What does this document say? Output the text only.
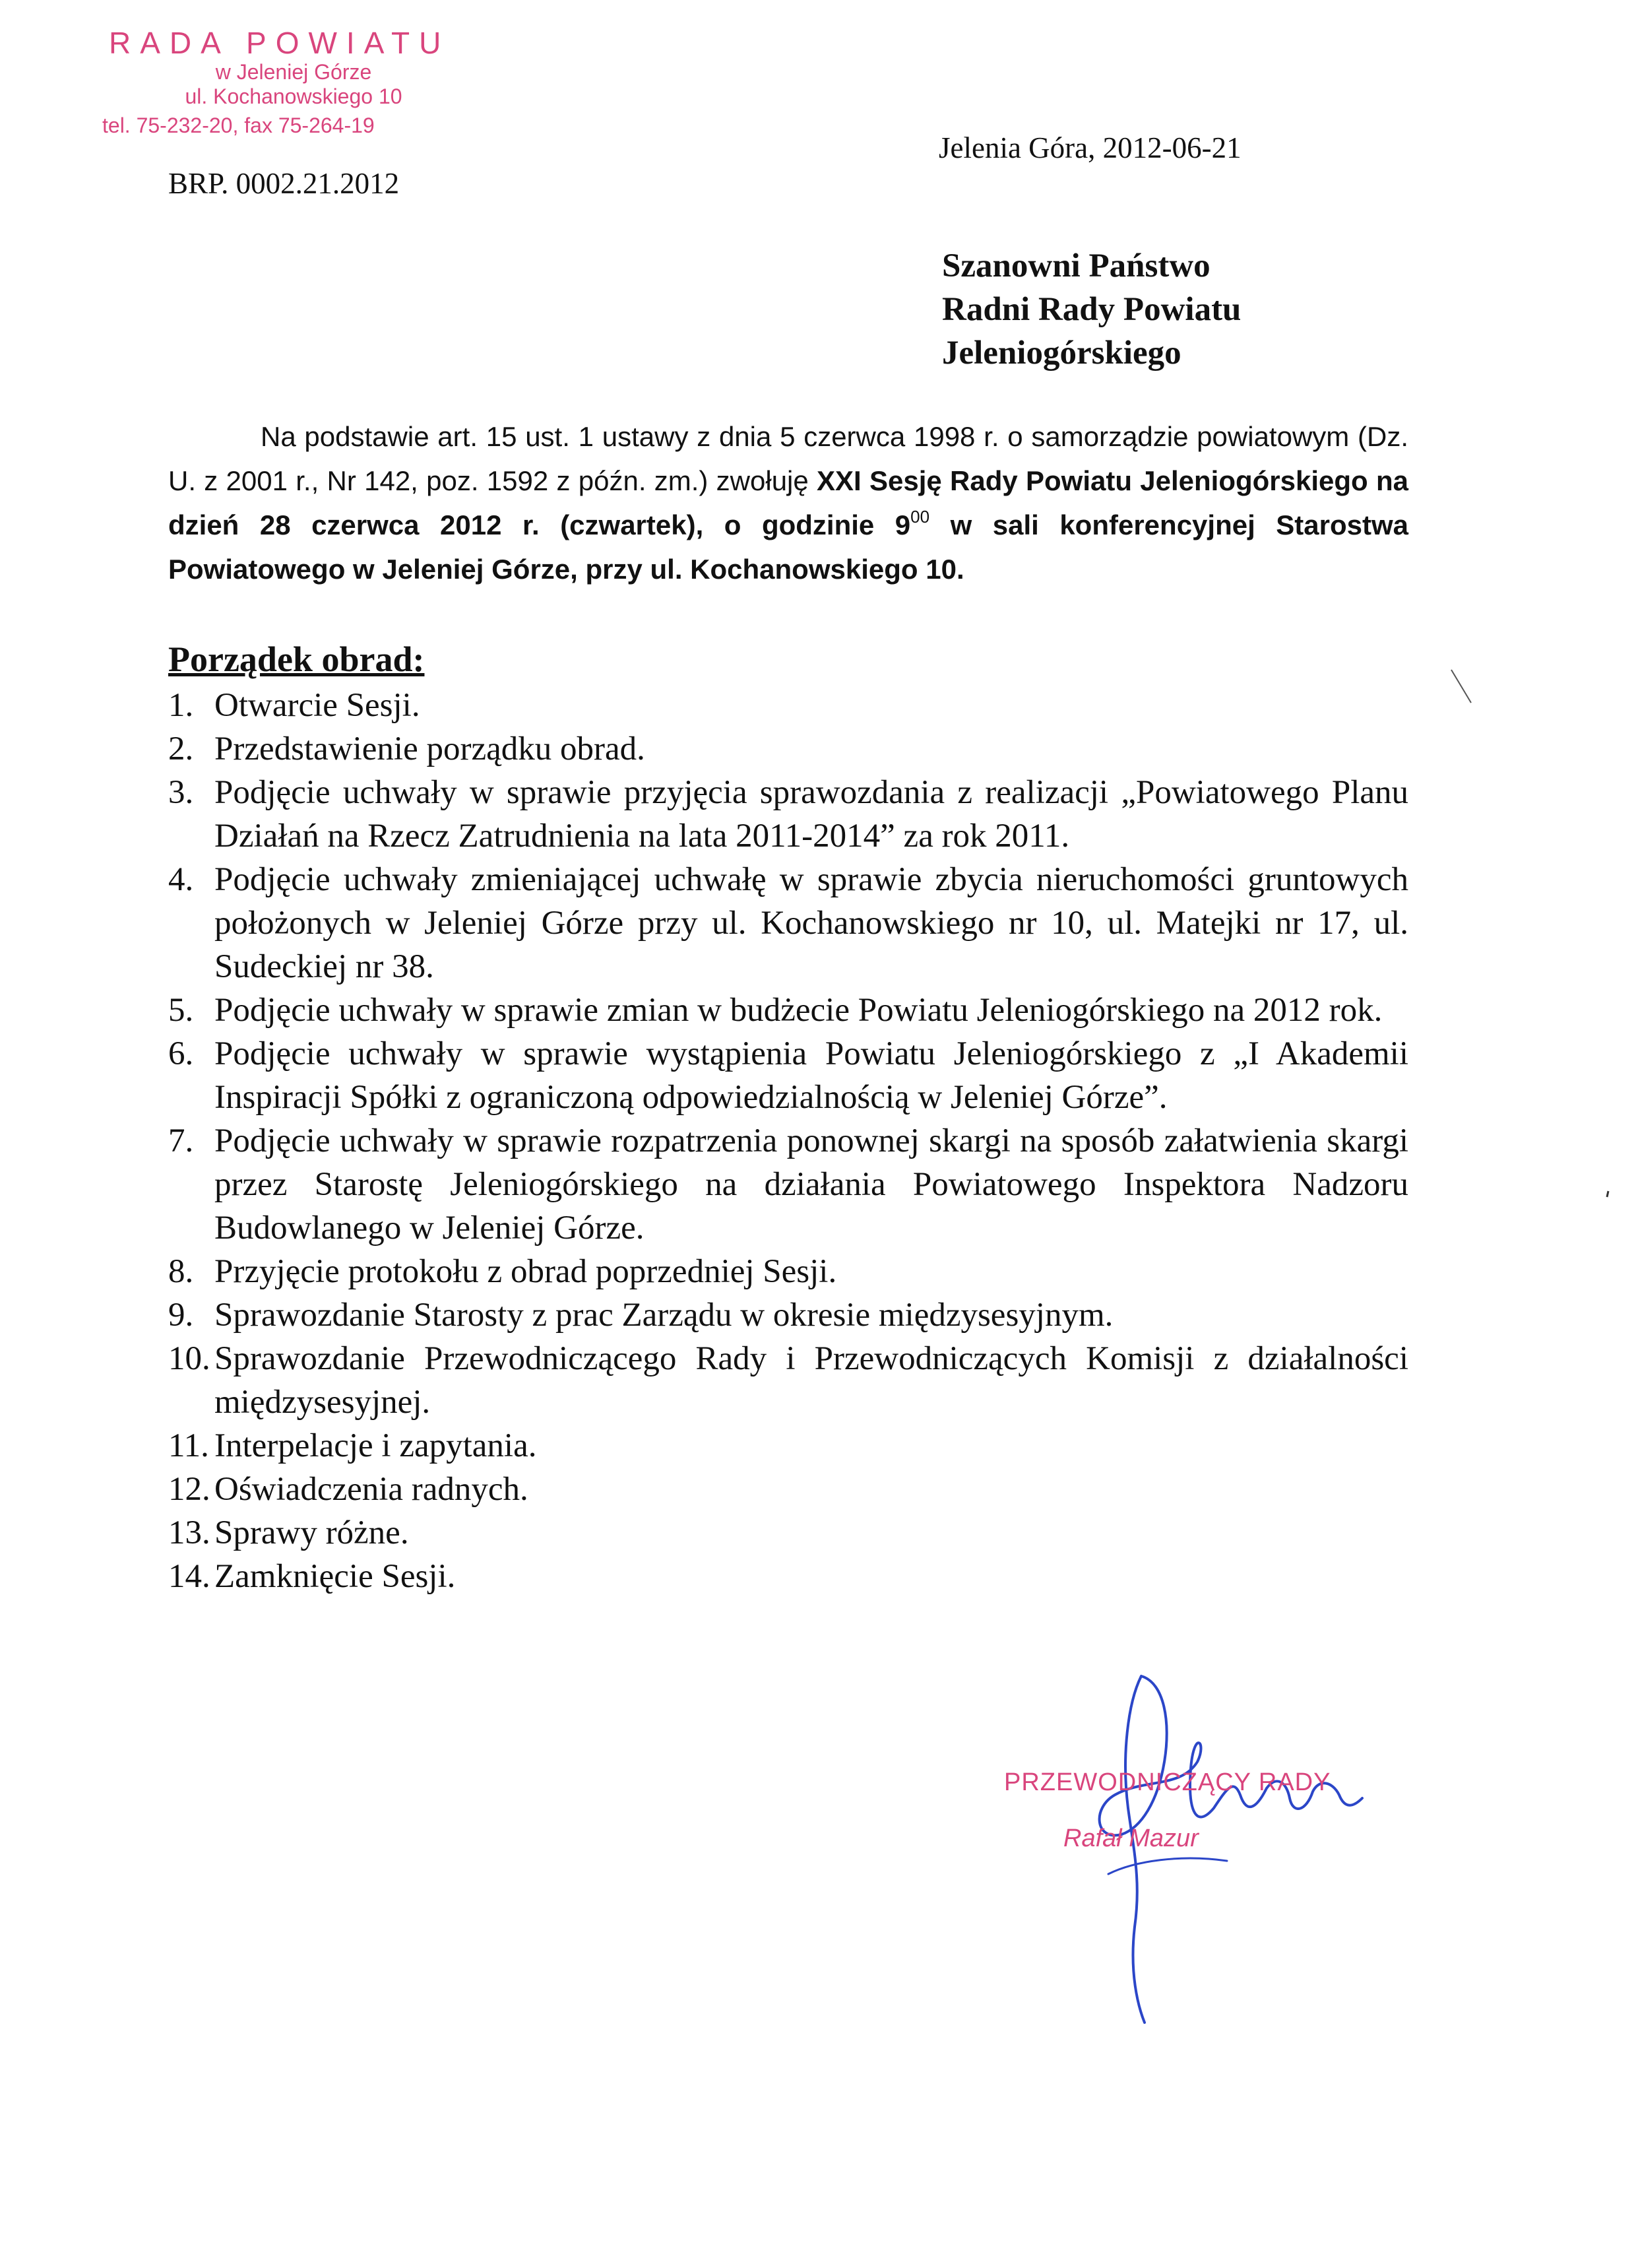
RADA POWIATU
w Jeleniej Górze
ul. Kochanowskiego 10
tel. 75-232-20, fax 75-264-19
Jelenia Góra, 2012-06-21
BRP. 0002.21.2012
Szanowni Państwo
Radni Rady Powiatu
Jeleniogórskiego

Na podstawie art. 15 ust. 1 ustawy z dnia 5 czerwca 1998 r. o samorządzie powiatowym (Dz. U. z 2001 r., Nr 142, poz. 1592 z późn. zm.) zwołuję XXI Sesję Rady Powiatu Jeleniogórskiego na dzień 28 czerwca 2012 r. (czwartek), o godzinie $9^{00}$ w sali konferencyjnej Starostwa Powiatowego w Jeleniej Górze, przy ul. Kochanowskiego 10.

Porządek obrad:
1. Otwarcie Sesji.
2. Przedstawienie porządku obrad.
3. Podjęcie uchwały w sprawie przyjęcia sprawozdania z realizacji „Powiatowego Planu Działań na Rzecz Zatrudnienia na lata 2011-2014” za rok 2011.
4. Podjęcie uchwały zmieniającej uchwałę w sprawie zbycia nieruchomości gruntowych położonych w Jeleniej Górze przy ul. Kochanowskiego nr 10, ul. Matejki nr 17, ul. Sudeckiej nr 38.
5. Podjęcie uchwały w sprawie zmian w budżecie Powiatu Jeleniogórskiego na 2012 rok.
6. Podjęcie uchwały w sprawie wystąpienia Powiatu Jeleniogórskiego z „I Akademii Inspiracji Spółki z ograniczoną odpowiedzialnością w Jeleniej Górze”.
7. Podjęcie uchwały w sprawie rozpatrzenia ponownej skargi na sposób załatwienia skargi przez Starostę Jeleniogórskiego na działania Powiatowego Inspektora Nadzoru Budowlanego w Jeleniej Górze.
8. Przyjęcie protokołu z obrad poprzedniej Sesji.
9. Sprawozdanie Starosty z prac Zarządu w okresie międzysesyjnym.
10. Sprawozdanie Przewodniczącego Rady i Przewodniczących Komisji z działalności międzysesyjnej.
11. Interpelacje i zapytania.
12. Oświadczenia radnych.
13. Sprawy różne.
14. Zamknięcie Sesji.
PRZEWODNICZĄCY RADY
Rafał Mazur
